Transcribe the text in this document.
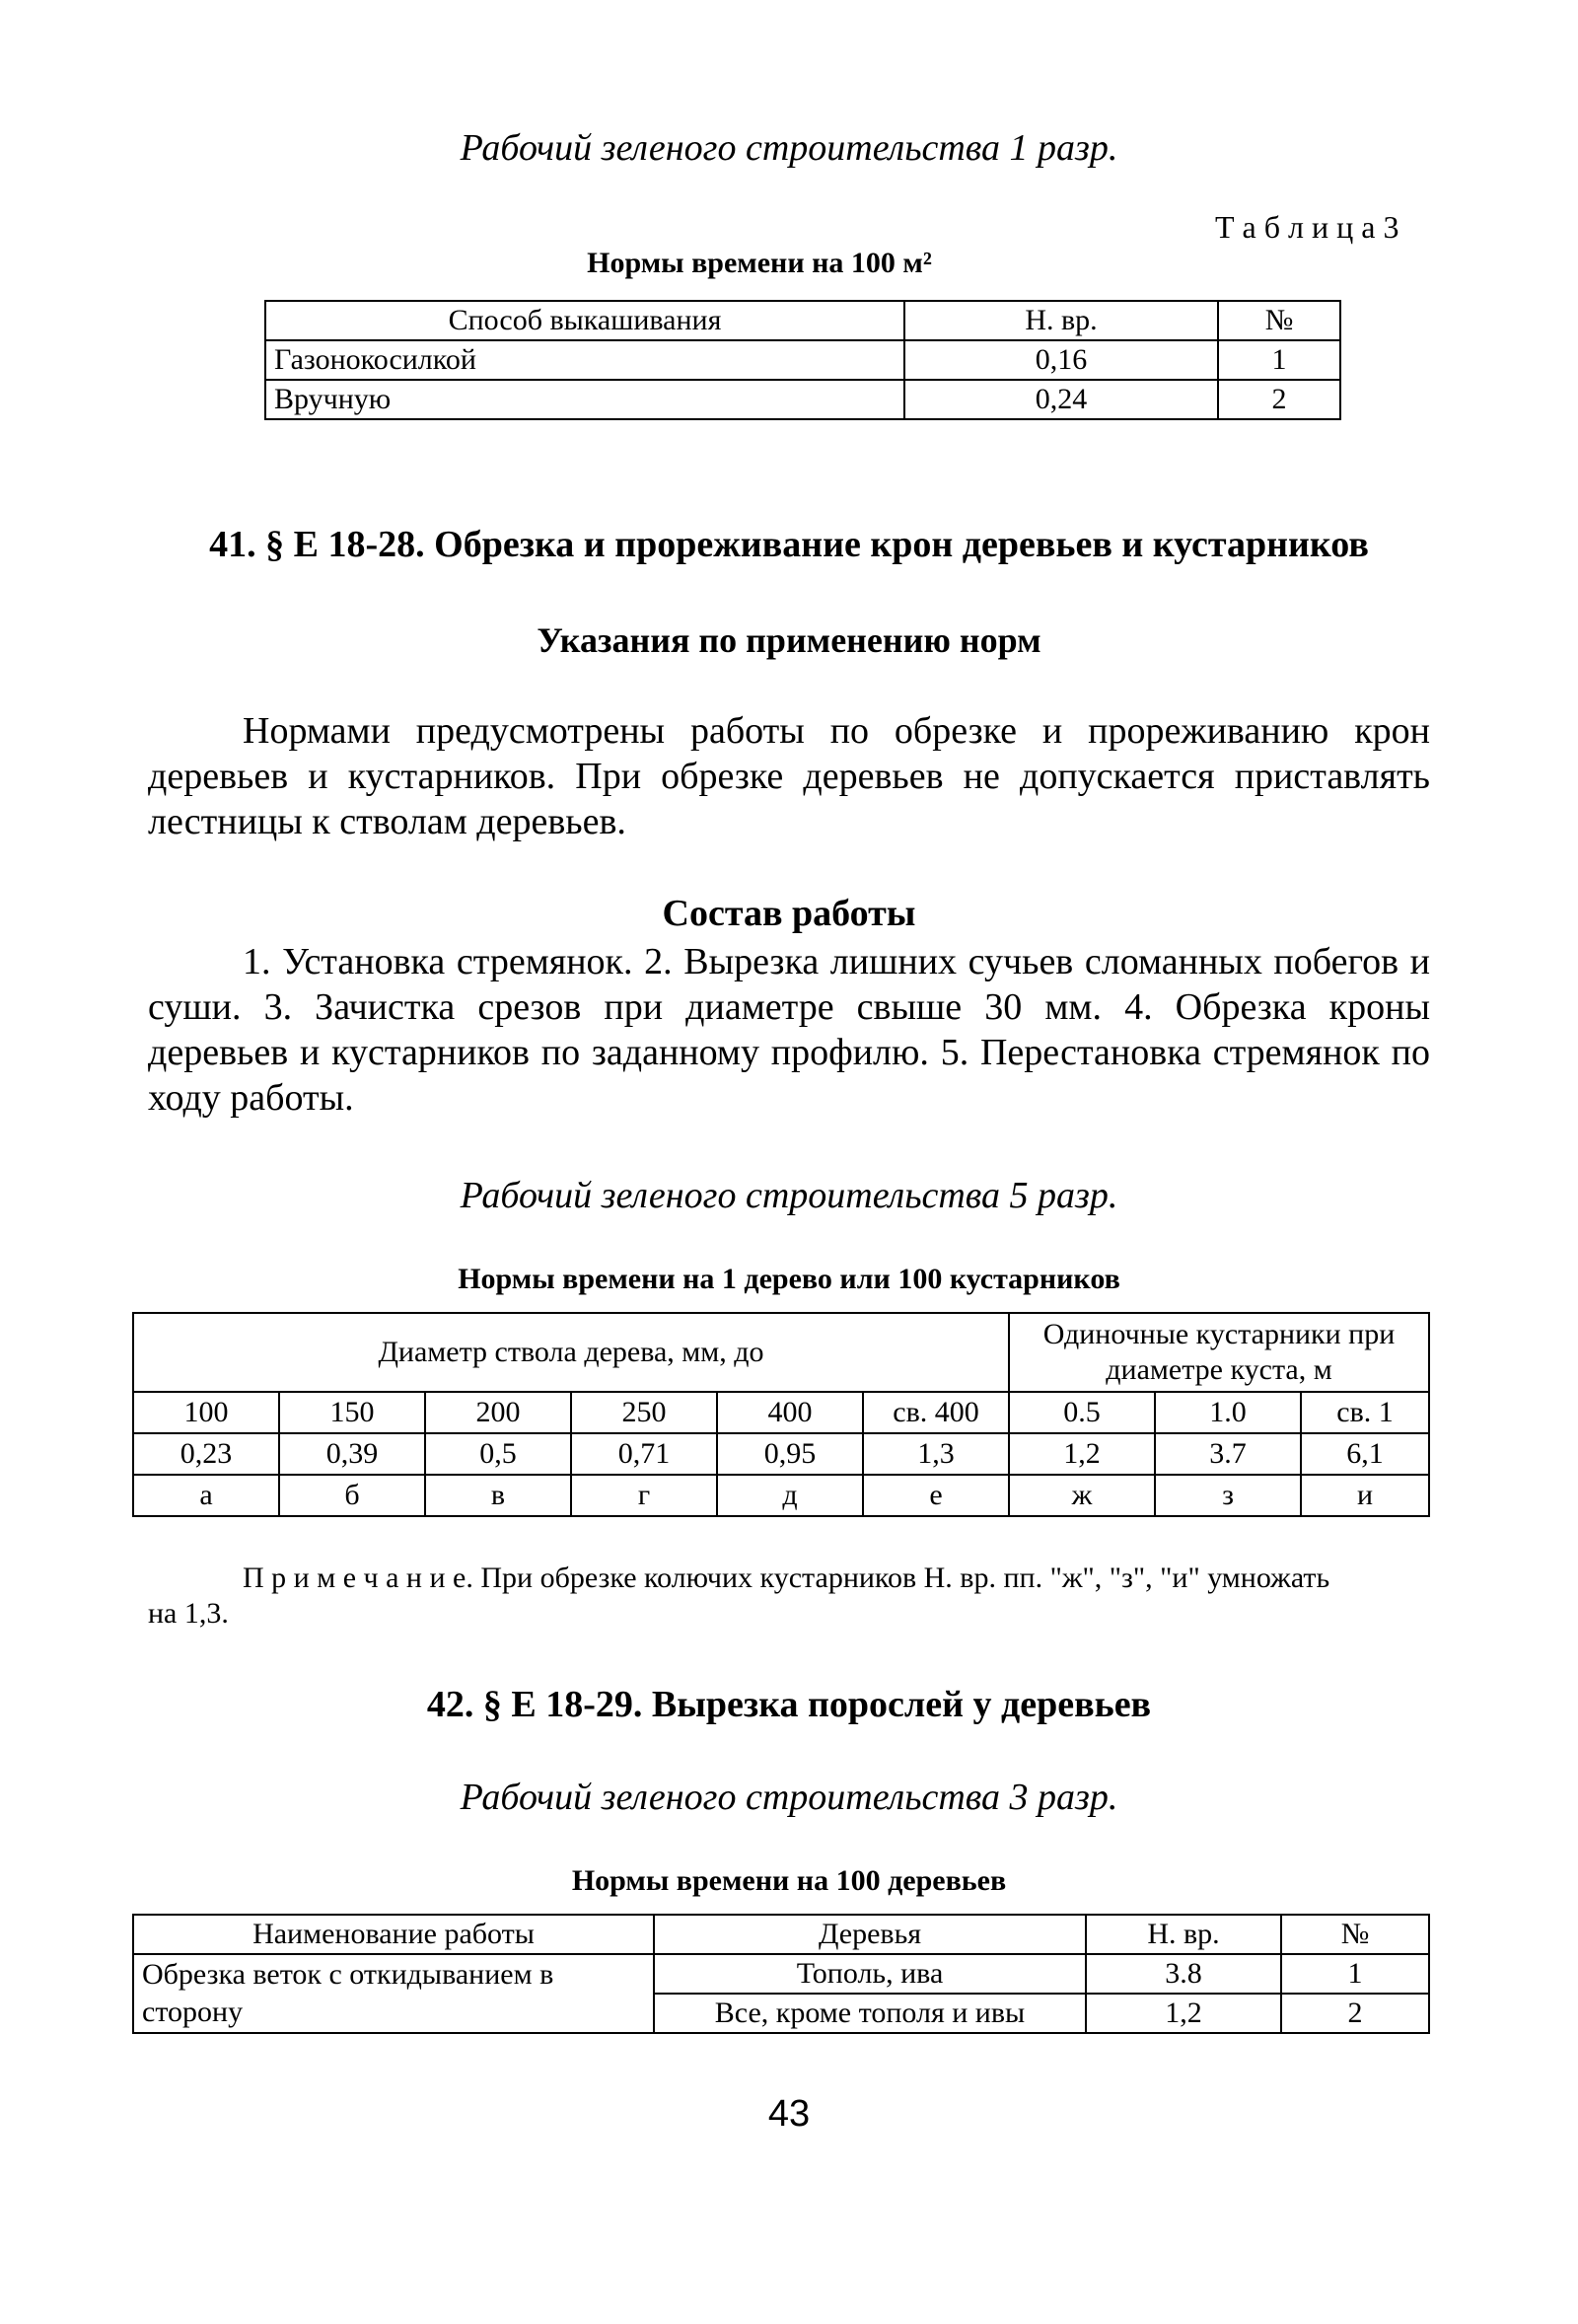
Рабочий зеленого строительства 1 разр.
Т а б л и ц а 3
Нормы времени на 100 м²
Способ выкашивания	Н. вр.	№
Газонокосилкой	0,16	1
Вручную	0,24	2
41. § Е 18-28. Обрезка и прореживание крон деревьев и кустарников
Указания по применению норм

Нормами предусмотрены работы по обрезке и прореживанию крон деревьев и кустарников. При обрезке деревьев не допускается приставлять лестницы к стволам деревьев.

Состав работы

1. Установка стремянок. 2. Вырезка лишних сучьев сломанных побегов и суши. 3. Зачистка срезов при диаметре свыше 30 мм. 4. Обрезка кроны деревьев и кустарников по заданному профилю. 5. Перестановка стремянок по ходу работы.

Рабочий зеленого строительства 5 разр.
Нормы времени на 1 дерево или 100 кустарников
Диаметр ствола дерева, мм, до						Одиночные кустарники при диаметре куста, м		
100	150	200	250	400	св. 400	0.5	1.0	св. 1
0,23	0,39	0,5	0,71	0,95	1,3	1,2	3.7	6,1
а	б	в	г	д	е	ж	з	и
П р и м е ч а н и е. При обрезке колючих кустарников Н. вр. пп. "ж", "з", "и" умножать на 1,3.
42. § Е 18-29. Вырезка порослей у деревьев
Рабочий зеленого строительства 3 разр.
Нормы времени на 100 деревьев
Наименование работы	Деревья	Н. вр.	№
Обрезка веток с откидыванием в сторону	Тополь, ива	3.8	1
	Все, кроме тополя и ивы	1,2	2
43
